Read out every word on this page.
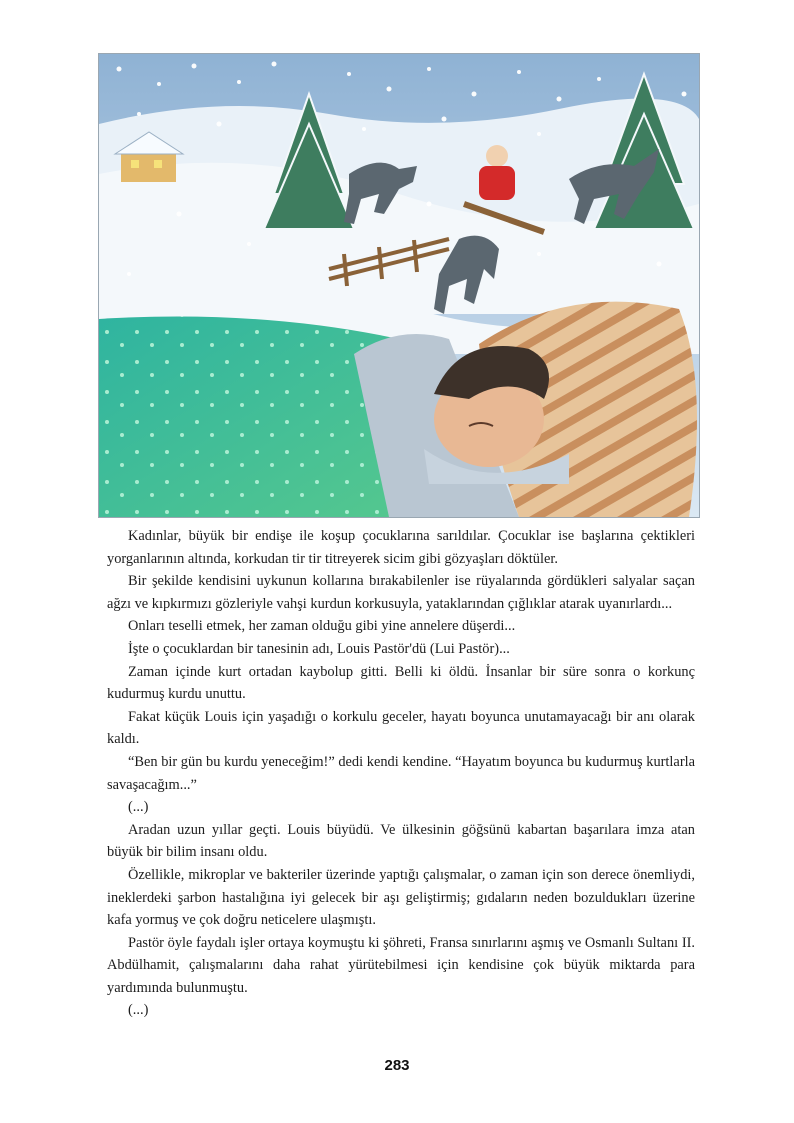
Kadınlar, büyük bir endişe ile koşup çocuklarına sarıldılar. Çocuklar ise başlarına çektikleri yorganlarının altında, korkudan tir tir titreyerek sicim gibi gözyaşları döktüler.

Bir şekilde kendisini uykunun kollarına bırakabilenler ise rüyalarında gördükleri salyalar saçan ağzı ve kıpkırmızı gözleriyle vahşi kurdun korkusuyla, yataklarından çığlıklar atarak uyanırlardı...

Onları teselli etmek, her zaman olduğu gibi yine annelere düşerdi...

İşte o çocuklardan bir tanesinin adı, Louis Pastör'dü (Lui Pastör)...

Zaman içinde kurt ortadan kaybolup gitti. Belli ki öldü. İnsanlar bir süre sonra o korkunç kudurmuş kurdu unuttu.

Fakat küçük Louis için yaşadığı o korkulu geceler, hayatı boyunca unutamayacağı bir anı olarak kaldı.

“Ben bir gün bu kurdu yeneceğim!” dedi kendi kendine. “Hayatım boyunca bu kudurmuş kurtlarla savaşacağım...”

(...)

Aradan uzun yıllar geçti. Louis büyüdü. Ve ülkesinin göğsünü kabartan başarılara imza atan büyük bir bilim insanı oldu.

Özellikle, mikroplar ve bakteriler üzerinde yaptığı çalışmalar, o zaman için son derece önemliydi, ineklerdeki şarbon hastalığına iyi gelecek bir aşı geliştirmiş; gıdaların neden bozuldukları üzerine kafa yormuş ve çok doğru neticelere ulaşmıştı.

Pastör öyle faydalı işler ortaya koymuştu ki şöhreti, Fransa sınırlarını aşmış ve Osmanlı Sultanı II. Abdülhamit, çalışmalarını daha rahat yürütebilmesi için kendisine çok büyük miktarda para yardımında bulunmuştu.

(...)

283
